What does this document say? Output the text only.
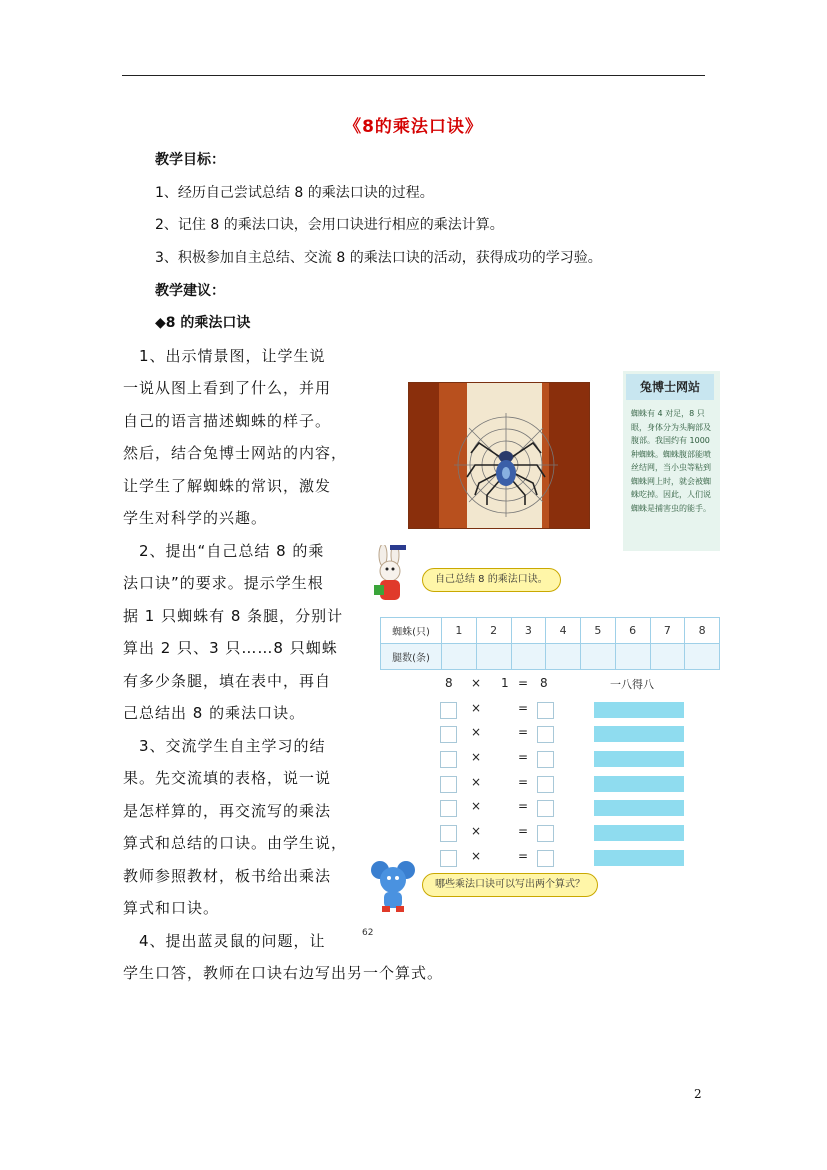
《8的乘法口诀》
教学目标：
1、经历自己尝试总结 8 的乘法口诀的过程。
2、记住 8 的乘法口诀，会用口诀进行相应的乘法计算。
3、积极参加自主总结、交流 8 的乘法口诀的活动，获得成功的学习验。
教学建议：
◆8 的乘法口诀
　1、出示情景图，让学生说
一说从图上看到了什么，并用
自己的语言描述蜘蛛的样子。
然后，结合兔博士网站的内容，
让学生了解蜘蛛的常识，激发
学生对科学的兴趣。
　2、提出“自己总结 8 的乘
法口诀”的要求。提示学生根
据 1 只蜘蛛有 8 条腿，分别计
算出 2 只、3 只……8 只蜘蛛
有多少条腿，填在表中，再自
己总结出 8 的乘法口诀。
　3、交流学生自主学习的结
果。先交流填的表格，说一说
是怎样算的，再交流写的乘法
算式和总结的口诀。由学生说，
教师参照教材，板书给出乘法
算式和口诀。
　4、提出蓝灵鼠的问题，让
学生口答，教师在口诀右边写出另一个算式。
兔博士网站
蜘蛛有 4 对足，8 只眼，身体分为头胸部及腹部。我国约有 1000 种蜘蛛。蜘蛛腹部能喷丝结网，当小虫等粘到蜘蛛网上时，就会被蜘蛛吃掉。因此，人们说蜘蛛是捕害虫的能手。
自己总结 8 的乘法口诀。
蜘蛛(只)	1	2	3	4	5	6	7	8
腿数(条)								
8 × 1 = 8	一八得八
×	=
×	=
×	=
×	=
×	=
×	=
×	=
哪些乘法口诀可以写出两个算式？
62
2
